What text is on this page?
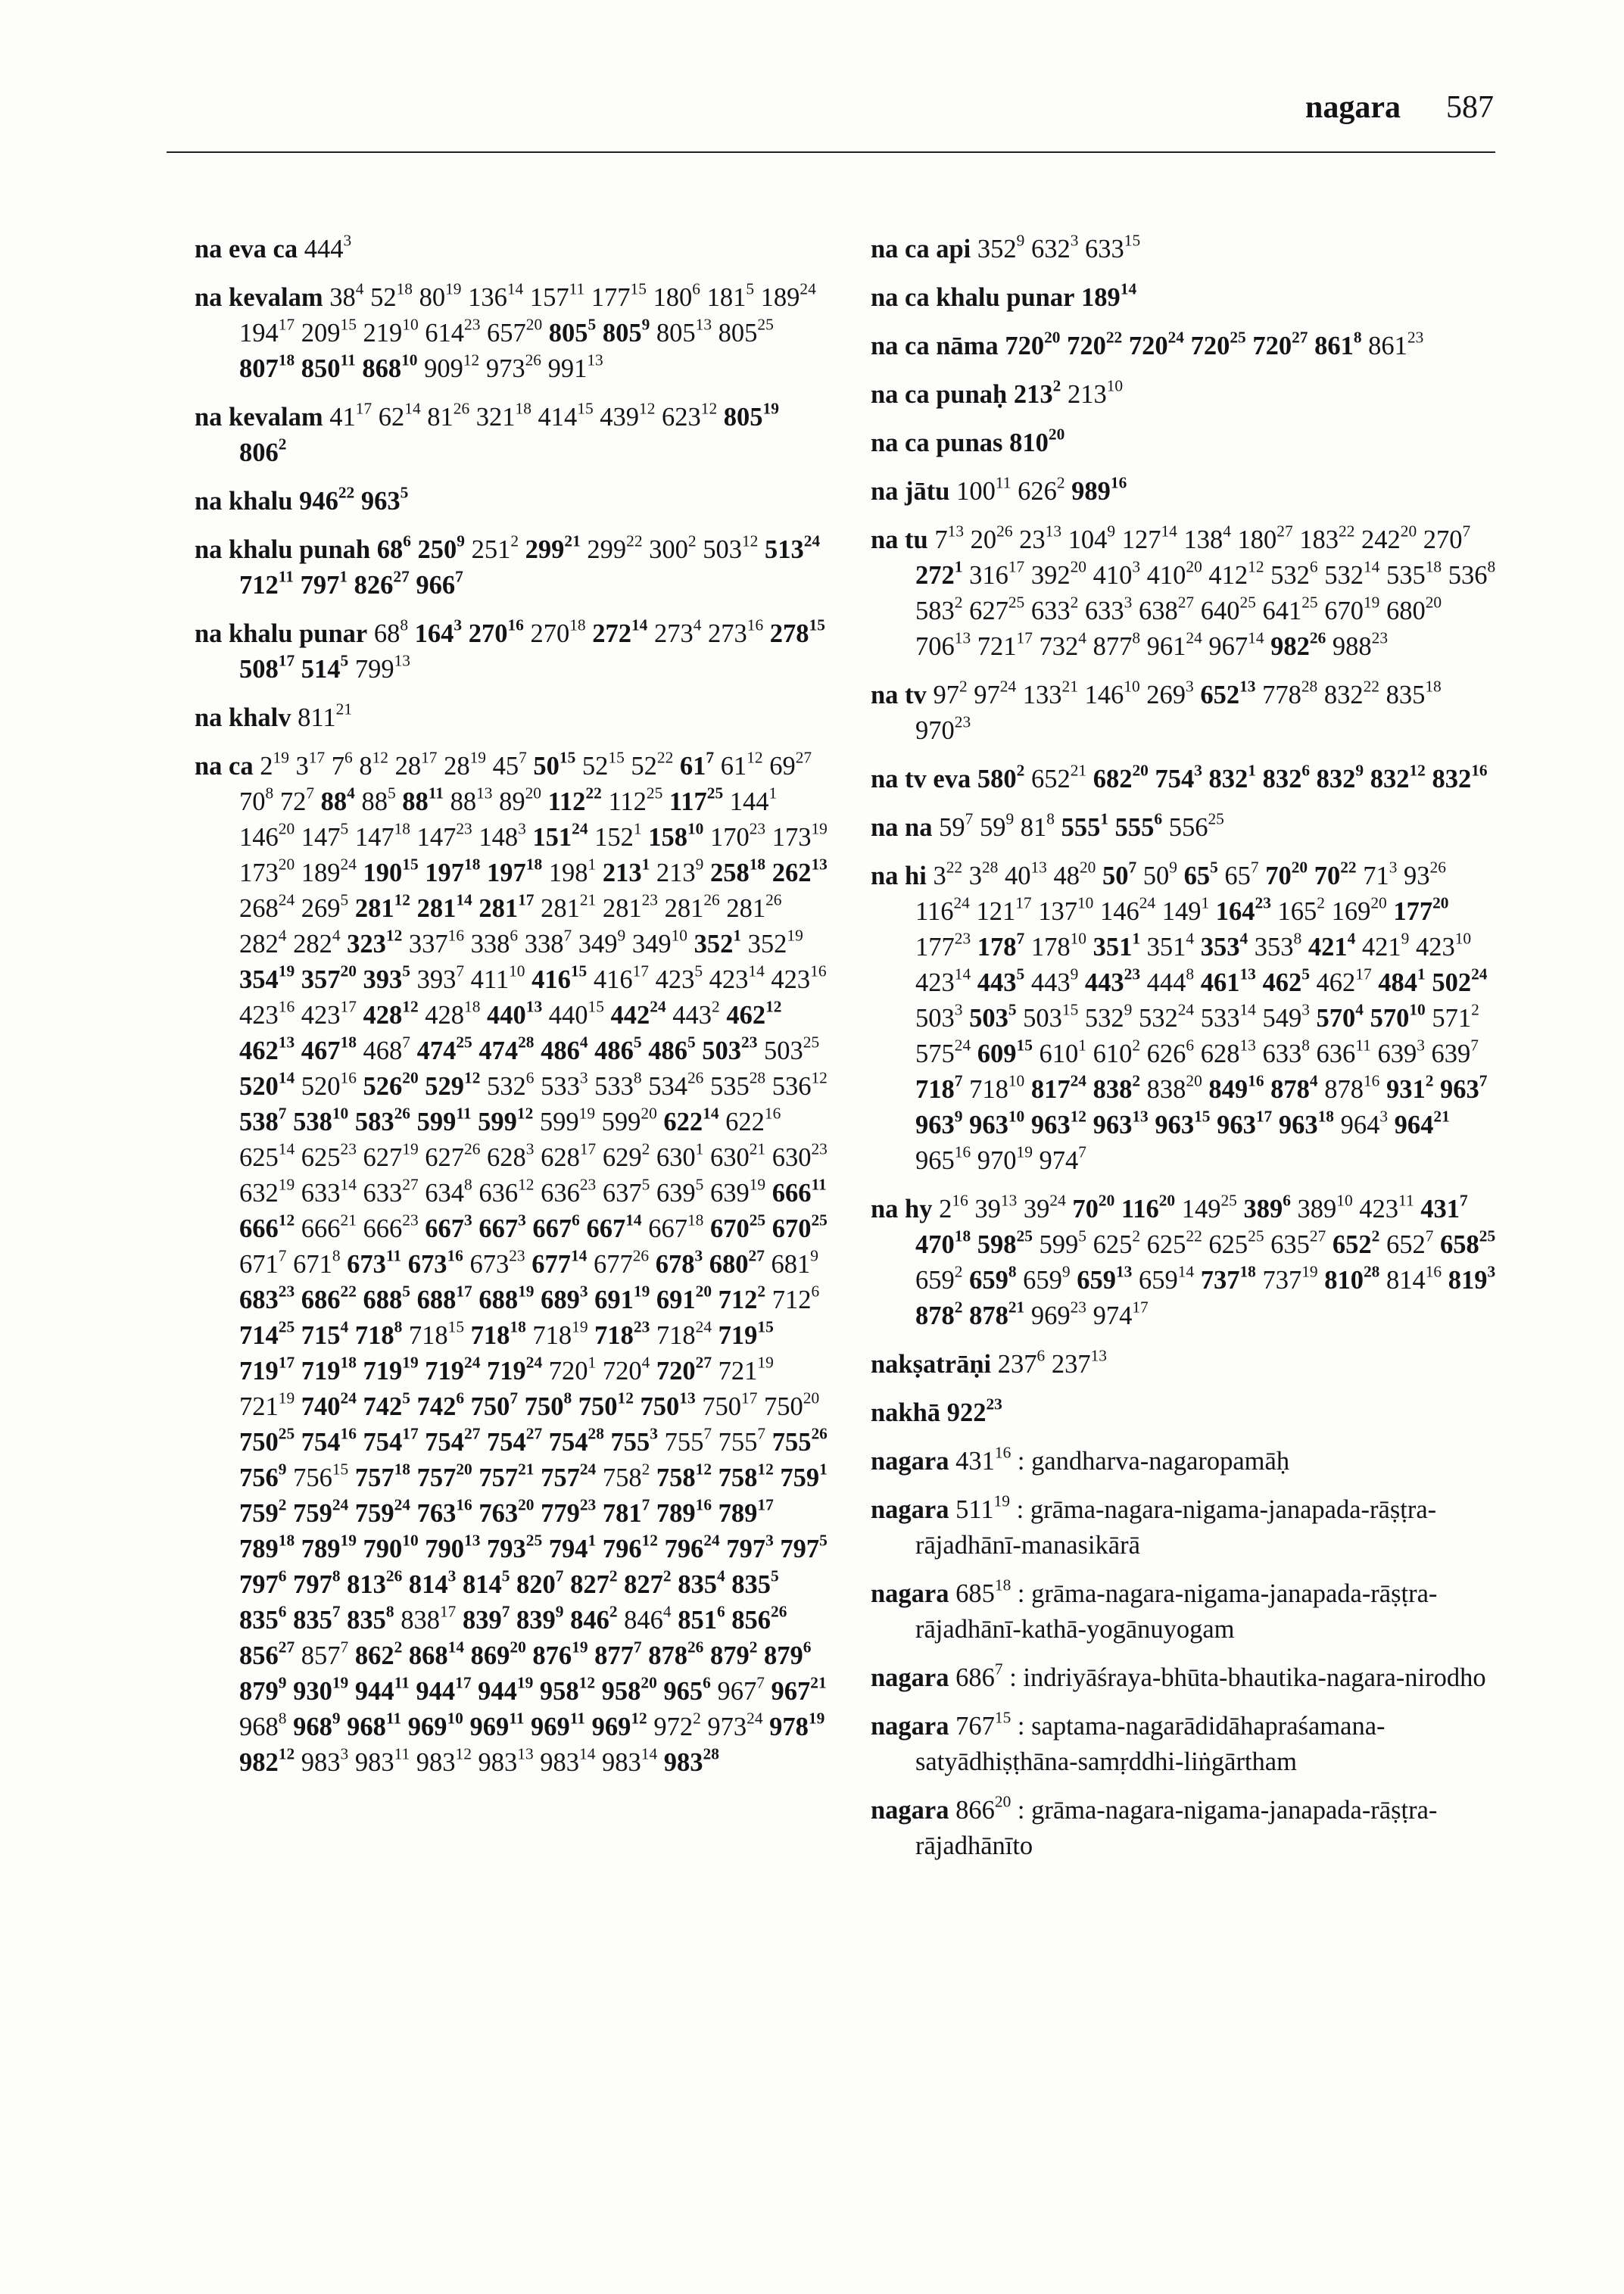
nagara 587
na eva ca $444^3$
na kevalam $38^4$ $52^{18}$ $80^{19}$ $136^{14}$ $157^{11}$ $177^{15}$ $180^6$ $181^5$ $189^{24}$ $194^{17}$ $209^{15}$ $219^{10}$ $614^{23}$ $657^{20}$ $805^5$ $805^9$ $805^{13}$ $805^{25}$ $807^{18}$ $850^{11}$ $868^{10}$ $909^{12}$ $973^{26}$ $991^{13}$
na kevalam $41^{17}$ $62^{14}$ $81^{26}$ $321^{18}$ $414^{15}$ $439^{12}$ $623^{12}$ $805^{19}$ $806^2$
na khalu $946^{22}$ $963^5$
na khalu punah $68^6$ $250^9$ $251^2$ $299^{21}$ $299^{22}$ $300^2$ $503^{12}$ $513^{24}$ $712^{11}$ $797^1$ $826^{27}$ $966^7$
na khalu punar $68^8$ $164^3$ $270^{16}$ $270^{18}$ $272^{14}$ $273^4$ $273^{16}$ $278^{15}$ $508^{17}$ $514^5$ $799^{13}$
na khalv $811^{21}$
na ca $2^{19}$ $3^{17}$ $7^6$ $8^{12}$ $28^{17}$ $28^{19}$ $45^7$ $50^{15}$ $52^{15}$ $52^{22}$ $61^7$ $61^{12}$ $69^{27}$ $70^8$ $72^7$ $88^4$ $88^5$ $88^{11}$ $88^{13}$ $89^{20}$ $112^{22}$ $112^{25}$ $117^{25}$ $144^1$ $146^{20}$ $147^5$ $147^{18}$ $147^{23}$ $148^3$ $151^{24}$ $152^1$ $158^{10}$ $170^{23}$ $173^{19}$ $173^{20}$ $189^{24}$ $190^{15}$ $197^{18}$ $197^{18}$ $198^1$ $213^1$ $213^9$ $258^{18}$ $262^{13}$ $268^{24}$ $269^5$ $281^{12}$ $281^{14}$ $281^{17}$ $281^{21}$ $281^{23}$ $281^{26}$ $281^{26}$ $282^4$ $282^4$ $323^{12}$ $337^{16}$ $338^6$ $338^7$ $349^9$ $349^{10}$ $352^1$ $352^{19}$ $354^{19}$ $357^{20}$ $393^5$ $393^7$ $411^{10}$ $416^{15}$ $416^{17}$ $423^5$ $423^{14}$ $423^{16}$ $423^{16}$ $423^{17}$ $428^{12}$ $428^{18}$ $440^{13}$ $440^{15}$ $442^{24}$ $443^2$ $462^{12}$ $462^{13}$ $467^{18}$ $468^7$ $474^{25}$ $474^{28}$ $486^4$ $486^5$ $486^5$ $503^{23}$ $503^{25}$ $520^{14}$ $520^{16}$ $526^{20}$ $529^{12}$ $532^6$ $533^3$ $533^8$ $534^{26}$ $535^{28}$ $536^{12}$ $538^7$ $538^{10}$ $583^{26}$ $599^{11}$ $599^{12}$ $599^{19}$ $599^{20}$ $622^{14}$ $622^{16}$ $625^{14}$ $625^{23}$ $627^{19}$ $627^{26}$ $628^3$ $628^{17}$ $629^2$ $630^1$ $630^{21}$ $630^{23}$ $632^{19}$ $633^{14}$ $633^{27}$ $634^8$ $636^{12}$ $636^{23}$ $637^5$ $639^5$ $639^{19}$ $666^{11}$ $666^{12}$ $666^{21}$ $666^{23}$ $667^3$ $667^3$ $667^6$ $667^{14}$ $667^{18}$ $670^{25}$ $670^{25}$ $671^7$ $671^8$ $673^{11}$ $673^{16}$ $673^{23}$ $677^{14}$ $677^{26}$ $678^3$ $680^{27}$ $681^9$ $683^{23}$ $686^{22}$ $688^5$ $688^{17}$ $688^{19}$ $689^3$ $691^{19}$ $691^{20}$ $712^2$ $712^6$ $714^{25}$ $715^4$ $718^8$ $718^{15}$ $718^{18}$ $718^{19}$ $718^{23}$ $718^{24}$ $719^{15}$ $719^{17}$ $719^{18}$ $719^{19}$ $719^{24}$ $719^{24}$ $720^1$ $720^4$ $720^{27}$ $721^{19}$ $721^{19}$ $740^{24}$ $742^5$ $742^6$ $750^7$ $750^8$ $750^{12}$ $750^{13}$ $750^{17}$ $750^{20}$ $750^{25}$ $754^{16}$ $754^{17}$ $754^{27}$ $754^{27}$ $754^{28}$ $755^3$ $755^7$ $755^7$ $755^{26}$ $756^9$ $756^{15}$ $757^{18}$ $757^{20}$ $757^{21}$ $757^{24}$ $758^2$ $758^{12}$ $758^{12}$ $759^1$ $759^2$ $759^{24}$ $759^{24}$ $763^{16}$ $763^{20}$ $779^{23}$ $781^7$ $789^{16}$ $789^{17}$ $789^{18}$ $789^{19}$ $790^{10}$ $790^{13}$ $793^{25}$ $794^1$ $796^{12}$ $796^{24}$ $797^3$ $797^5$ $797^6$ $797^8$ $813^{26}$ $814^3$ $814^5$ $820^7$ $827^2$ $827^2$ $835^4$ $835^5$ $835^6$ $835^7$ $835^8$ $838^{17}$ $839^7$ $839^9$ $846^2$ $846^4$ $851^6$ $856^{26}$ $856^{27}$ $857^7$ $862^2$ $868^{14}$ $869^{20}$ $876^{19}$ $877^7$ $878^{26}$ $879^2$ $879^6$ $879^9$ $930^{19}$ $944^{11}$ $944^{17}$ $944^{19}$ $958^{12}$ $958^{20}$ $965^6$ $967^7$ $967^{21}$ $968^8$ $968^9$ $968^{11}$ $969^{10}$ $969^{11}$ $969^{11}$ $969^{12}$ $972^2$ $973^{24}$ $978^{19}$ $982^{12}$ $983^3$ $983^{11}$ $983^{12}$ $983^{13}$ $983^{14}$ $983^{14}$ $983^{28}$
na ca api $352^9$ $632^3$ $633^{15}$
na ca khalu punar $189^{14}$
na ca nāma $720^{20}$ $720^{22}$ $720^{24}$ $720^{25}$ $720^{27}$ $861^8$ $861^{23}$
na ca punaḥ $213^2$ $213^{10}$
na ca punas $810^{20}$
na jātu $100^{11}$ $626^2$ $989^{16}$
na tu $7^{13}$ $20^{26}$ $23^{13}$ $104^9$ $127^{14}$ $138^4$ $180^{27}$ $183^{22}$ $242^{20}$ $270^7$ $272^1$ $316^{17}$ $392^{20}$ $410^3$ $410^{20}$ $412^{12}$ $532^6$ $532^{14}$ $535^{18}$ $536^8$ $583^2$ $627^{25}$ $633^2$ $633^3$ $638^{27}$ $640^{25}$ $641^{25}$ $670^{19}$ $680^{20}$ $706^{13}$ $721^{17}$ $732^4$ $877^8$ $961^{24}$ $967^{14}$ $982^{26}$ $988^{23}$
na tv $97^2$ $97^{24}$ $133^{21}$ $146^{10}$ $269^3$ $652^{13}$ $778^{28}$ $832^{22}$ $835^{18}$ $970^{23}$
na tv eva $580^2$ $652^{21}$ $682^{20}$ $754^3$ $832^1$ $832^6$ $832^9$ $832^{12}$ $832^{16}$
na na $59^7$ $59^9$ $81^8$ $555^1$ $555^6$ $556^{25}$
na hi $3^{22}$ $3^{28}$ $40^{13}$ $48^{20}$ $50^7$ $50^9$ $65^5$ $65^7$ $70^{20}$ $70^{22}$ $71^3$ $93^{26}$ $116^{24}$ $121^{17}$ $137^{10}$ $146^{24}$ $149^1$ $164^{23}$ $165^2$ $169^{20}$ $177^{20}$ $177^{23}$ $178^7$ $178^{10}$ $351^1$ $351^4$ $353^4$ $353^8$ $421^4$ $421^9$ $423^{10}$ $423^{14}$ $443^5$ $443^9$ $443^{23}$ $444^8$ $461^{13}$ $462^5$ $462^{17}$ $484^1$ $502^{24}$ $503^3$ $503^5$ $503^{15}$ $532^9$ $532^{24}$ $533^{14}$ $549^3$ $570^4$ $570^{10}$ $571^2$ $575^{24}$ $609^{15}$ $610^1$ $610^2$ $626^6$ $628^{13}$ $633^8$ $636^{11}$ $639^3$ $639^7$ $718^7$ $718^{10}$ $817^{24}$ $838^2$ $838^{20}$ $849^{16}$ $878^4$ $878^{16}$ $931^2$ $963^7$ $963^9$ $963^{10}$ $963^{12}$ $963^{13}$ $963^{15}$ $963^{17}$ $963^{18}$ $964^3$ $964^{21}$ $965^{16}$ $970^{19}$ $974^7$
na hy $2^{16}$ $39^{13}$ $39^{24}$ $70^{20}$ $116^{20}$ $149^{25}$ $389^6$ $389^{10}$ $423^{11}$ $431^7$ $470^{18}$ $598^{25}$ $599^5$ $625^2$ $625^{22}$ $625^{25}$ $635^{27}$ $652^2$ $652^7$ $658^{25}$ $659^2$ $659^8$ $659^9$ $659^{13}$ $659^{14}$ $737^{18}$ $737^{19}$ $810^{28}$ $814^{16}$ $819^3$ $878^2$ $878^{21}$ $969^{23}$ $974^{17}$
nakṣatrāṇi $237^6$ $237^{13}$
nakhā $922^{23}$
nagara $431^{16}$ : gandharva-nagaropamāḥ
nagara $511^{19}$ : grāma-nagara-nigama-janapada-rāṣṭra-rājadhānī-manasikārā
nagara $685^{18}$ : grāma-nagara-nigama-janapada-rāṣṭra-rājadhānī-kathā-yogānuyogam
nagara $686^7$ : indriyāśraya-bhūta-bhautika-nagara-nirodho
nagara $767^{15}$ : saptama-nagarādidāhapraśamana-satyādhiṣṭhāna-samṛddhi-liṅgārtham
nagara $866^{20}$ : grāma-nagara-nigama-janapada-rāṣṭra-rājadhānīto
